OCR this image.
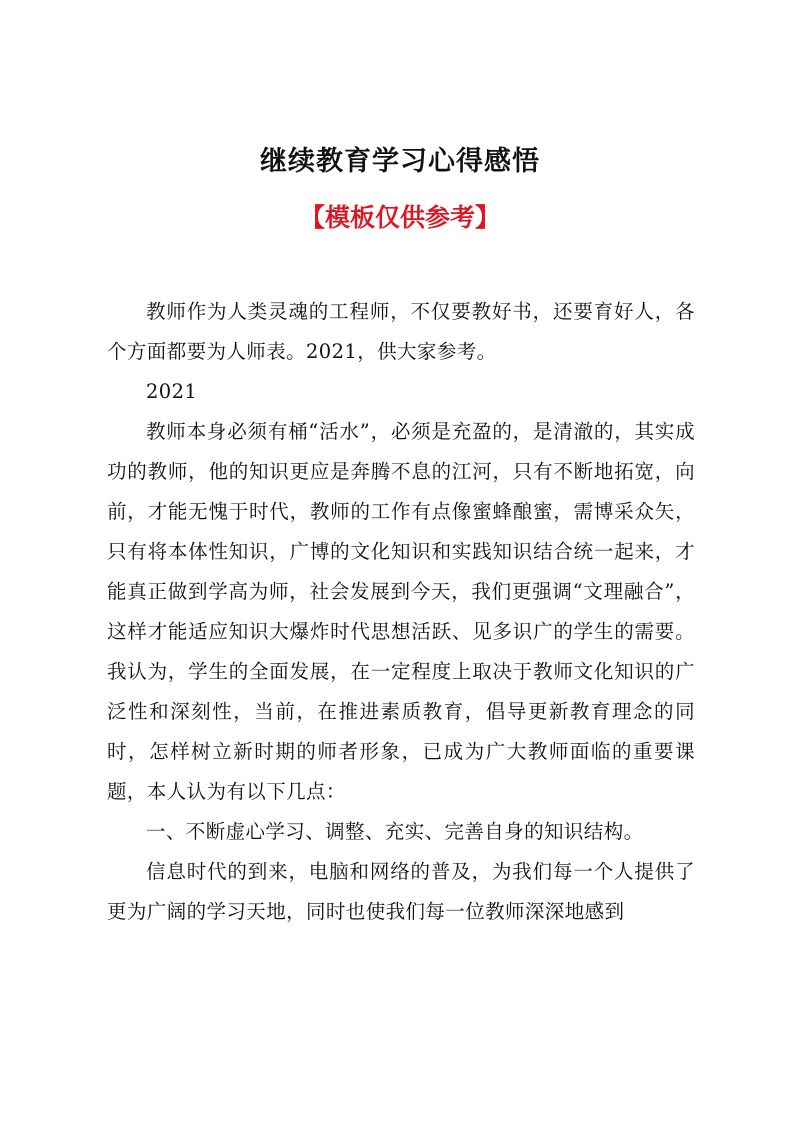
继续教育学习心得感悟
【模板仅供参考】

教师作为人类灵魂的工程师，不仅要教好书，还要育好人，各个方面都要为人师表。2021，供大家参考。

2021

教师本身必须有桶“活水”，必须是充盈的，是清澈的，其实成功的教师，他的知识更应是奔腾不息的江河，只有不断地拓宽，向前，才能无愧于时代，教师的工作有点像蜜蜂酿蜜，需博采众矢，只有将本体性知识，广博的文化知识和实践知识结合统一起来，才能真正做到学高为师，社会发展到今天，我们更强调“文理融合”，这样才能适应知识大爆炸时代思想活跃、见多识广的学生的需要。我认为，学生的全面发展，在一定程度上取决于教师文化知识的广泛性和深刻性，当前，在推进素质教育，倡导更新教育理念的同时，怎样树立新时期的师者形象，已成为广大教师面临的重要课题，本人认为有以下几点：

一、不断虚心学习、调整、充实、完善自身的知识结构。

信息时代的到来，电脑和网络的普及，为我们每一个人提供了更为广阔的学习天地，同时也使我们每一位教师深深地感到
